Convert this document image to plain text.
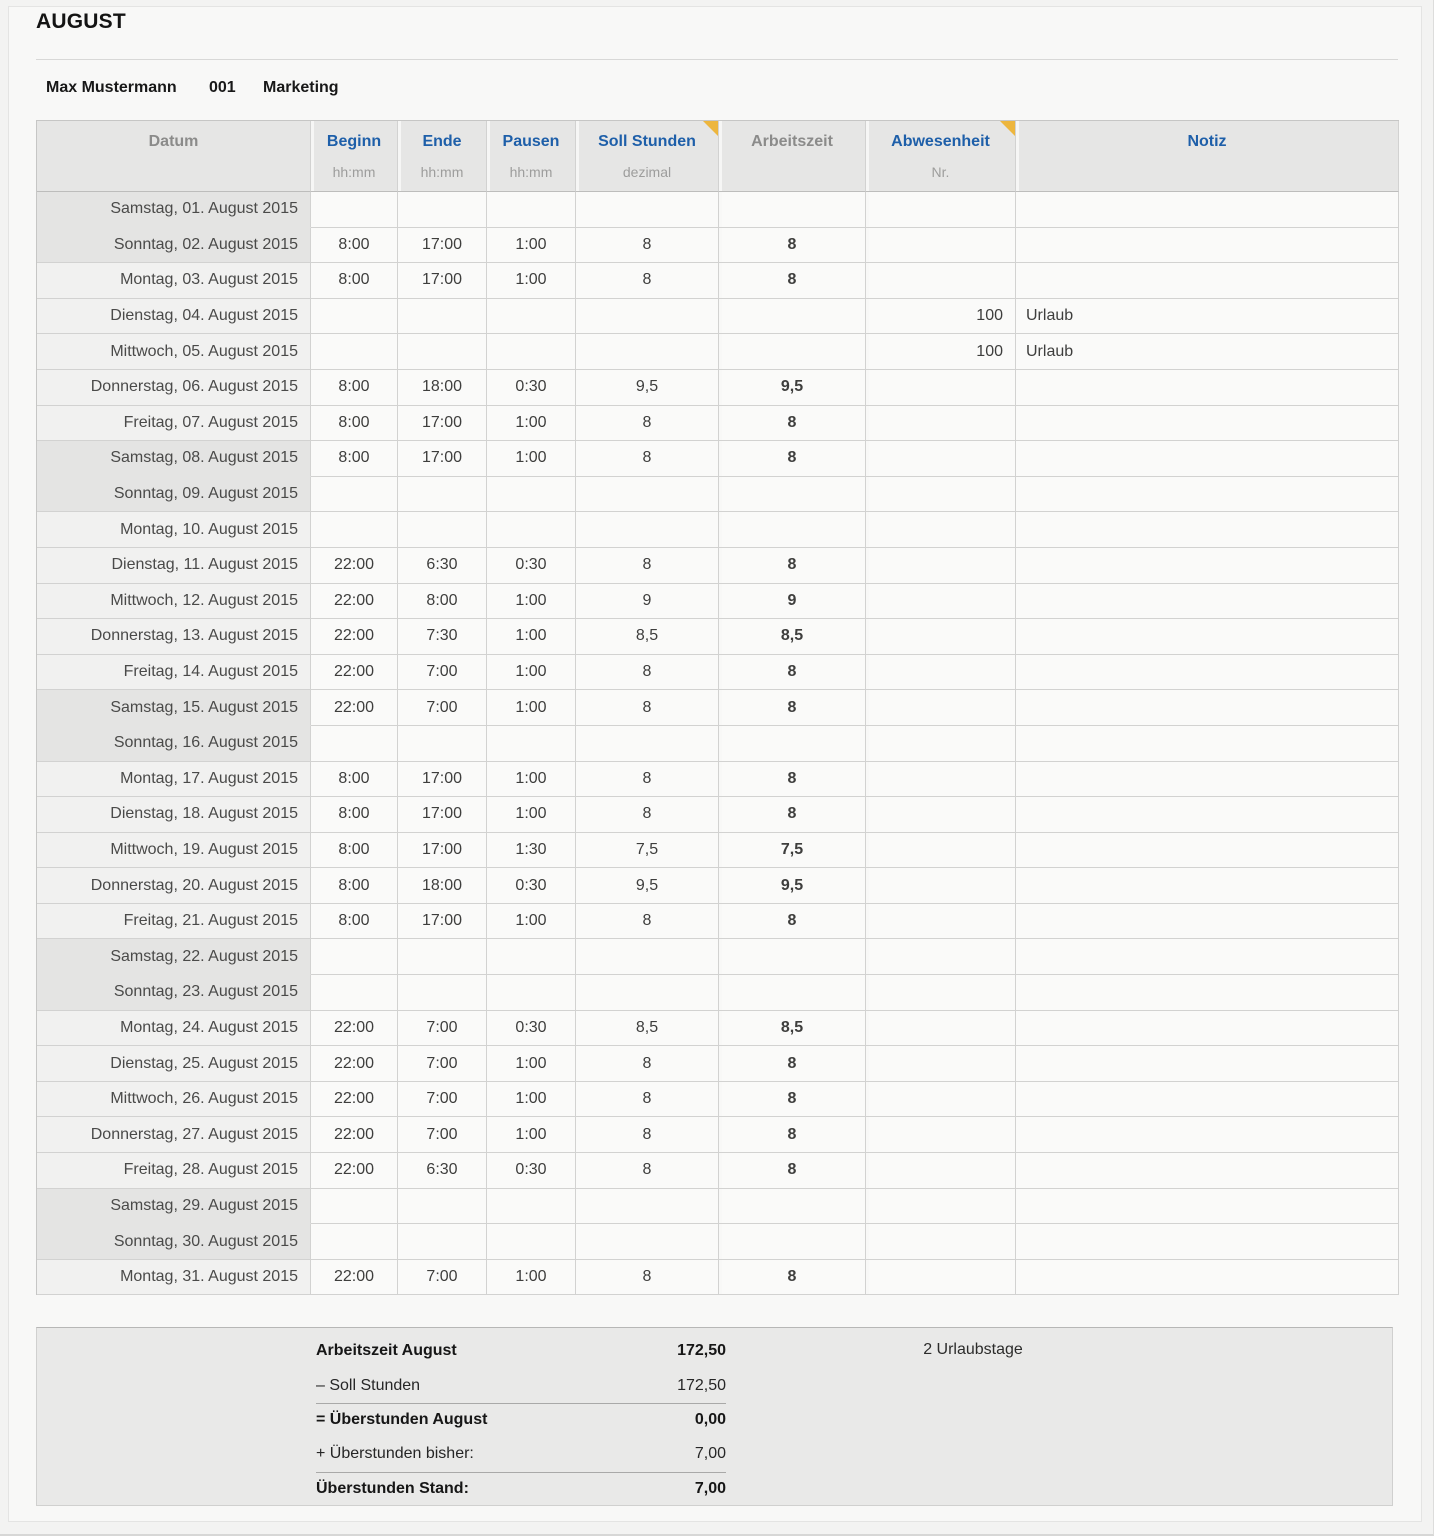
AUGUST
Max Mustermann 001 Marketing
Datum	Beginn	Ende	Pausen	Soll Stunden	Arbeitszeit	Abwesenheit	Notiz
	hh:mm	hh:mm	hh:mm	dezimal		Nr.	
Samstag, 01. August 2015							
Sonntag, 02. August 2015	8:00	17:00	1:00	8	8		
Montag, 03. August 2015	8:00	17:00	1:00	8	8		
Dienstag, 04. August 2015						100	Urlaub
Mittwoch, 05. August 2015						100	Urlaub
Donnerstag, 06. August 2015	8:00	18:00	0:30	9,5	9,5		
Freitag, 07. August 2015	8:00	17:00	1:00	8	8		
Samstag, 08. August 2015	8:00	17:00	1:00	8	8		
Sonntag, 09. August 2015							
Montag, 10. August 2015							
Dienstag, 11. August 2015	22:00	6:30	0:30	8	8		
Mittwoch, 12. August 2015	22:00	8:00	1:00	9	9		
Donnerstag, 13. August 2015	22:00	7:30	1:00	8,5	8,5		
Freitag, 14. August 2015	22:00	7:00	1:00	8	8		
Samstag, 15. August 2015	22:00	7:00	1:00	8	8		
Sonntag, 16. August 2015							
Montag, 17. August 2015	8:00	17:00	1:00	8	8		
Dienstag, 18. August 2015	8:00	17:00	1:00	8	8		
Mittwoch, 19. August 2015	8:00	17:00	1:30	7,5	7,5		
Donnerstag, 20. August 2015	8:00	18:00	0:30	9,5	9,5		
Freitag, 21. August 2015	8:00	17:00	1:00	8	8		
Samstag, 22. August 2015							
Sonntag, 23. August 2015							
Montag, 24. August 2015	22:00	7:00	0:30	8,5	8,5		
Dienstag, 25. August 2015	22:00	7:00	1:00	8	8		
Mittwoch, 26. August 2015	22:00	7:00	1:00	8	8		
Donnerstag, 27. August 2015	22:00	7:00	1:00	8	8		
Freitag, 28. August 2015	22:00	6:30	0:30	8	8		
Samstag, 29. August 2015							
Sonntag, 30. August 2015							
Montag, 31. August 2015	22:00	7:00	1:00	8	8		
Arbeitszeit August	172,50
– Soll Stunden	172,50
= Überstunden August	0,00
+ Überstunden bisher:	7,00
Überstunden Stand:	7,00
2 Urlaubstage
